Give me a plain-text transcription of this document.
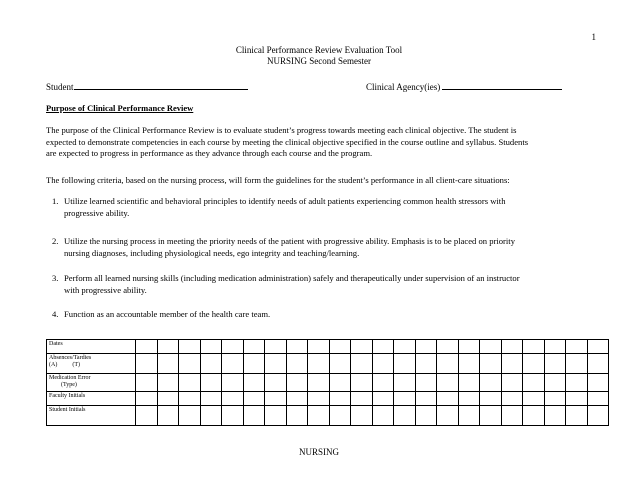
1
Clinical Performance Review Evaluation Tool
NURSING Second Semester
Student	Clinical Agency(ies)
Purpose of Clinical Performance Review

The purpose of the Clinical Performance Review is to evaluate student’s progress towards meeting each clinical objective. The student is

expected to demonstrate competencies in each course by meeting the clinical objective specified in the course outline and syllabus. Students

are expected to progress in performance as they advance through each course and the program.

The following criteria, based on the nursing process, will form the guidelines for the student’s performance in all client-care situations:
1. Utilize learned scientific and behavioral principles to identify needs of adult patients experiencing common health stressors with
progressive ability.
2. Utilize the nursing process in meeting the priority needs of the patient with progressive ability. Emphasis is to be placed on priority
nursing diagnoses, including physiological needs, ego integrity and teaching/learning.
3. Perform all learned nursing skills (including medication administration) safely and therapeutically under supervision of an instructor
with progressive ability.
4. Function as an accountable member of the health care team.
Dates																						

Absences/Tardies
(A)          (T)																						

Medication Error
(Type)																						

Faculty Initials																						

Student Initials																						

NURSING
